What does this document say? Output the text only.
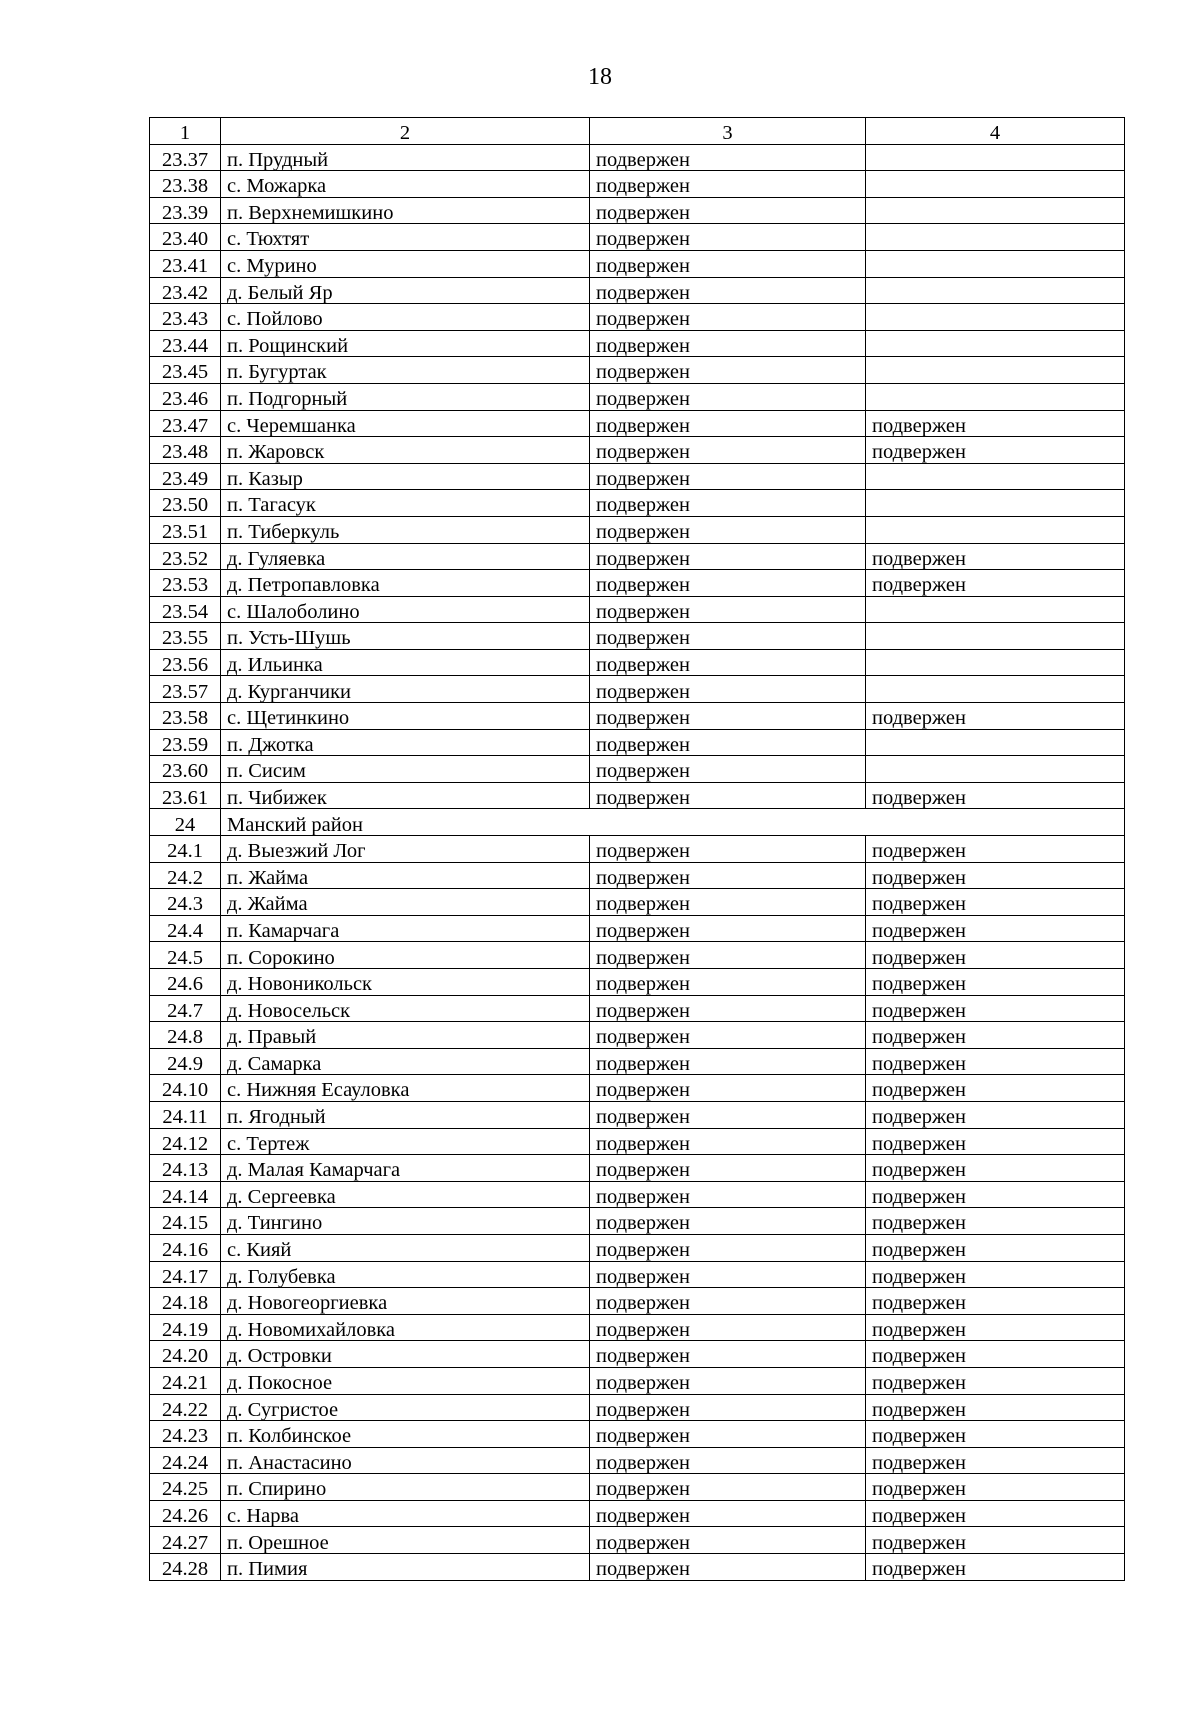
18
1	2	3	4
23.37	п. Прудный	подвержен	
23.38	с. Можарка	подвержен	
23.39	п. Верхнемишкино	подвержен	
23.40	с. Тюхтят	подвержен	
23.41	с. Мурино	подвержен	
23.42	д. Белый Яр	подвержен	
23.43	с. Пойлово	подвержен	
23.44	п. Рощинский	подвержен	
23.45	п. Бугуртак	подвержен	
23.46	п. Подгорный	подвержен	
23.47	с. Черемшанка	подвержен	подвержен
23.48	п. Жаровск	подвержен	подвержен
23.49	п. Казыр	подвержен	
23.50	п. Тагасук	подвержен	
23.51	п. Тиберкуль	подвержен	
23.52	д. Гуляевка	подвержен	подвержен
23.53	д. Петропавловка	подвержен	подвержен
23.54	с. Шалоболино	подвержен	
23.55	п. Усть-Шушь	подвержен	
23.56	д. Ильинка	подвержен	
23.57	д. Курганчики	подвержен	
23.58	с. Щетинкино	подвержен	подвержен
23.59	п. Джотка	подвержен	
23.60	п. Сисим	подвержен	
23.61	п. Чибижек	подвержен	подвержен
24	Манский район		
24.1	д. Выезжий Лог	подвержен	подвержен
24.2	п. Жайма	подвержен	подвержен
24.3	д. Жайма	подвержен	подвержен
24.4	п. Камарчага	подвержен	подвержен
24.5	п. Сорокино	подвержен	подвержен
24.6	д. Новоникольск	подвержен	подвержен
24.7	д. Новосельск	подвержен	подвержен
24.8	д. Правый	подвержен	подвержен
24.9	д. Самарка	подвержен	подвержен
24.10	с. Нижняя Есауловка	подвержен	подвержен
24.11	п. Ягодный	подвержен	подвержен
24.12	с. Тертеж	подвержен	подвержен
24.13	д. Малая Камарчага	подвержен	подвержен
24.14	д. Сергеевка	подвержен	подвержен
24.15	д. Тингино	подвержен	подвержен
24.16	с. Кияй	подвержен	подвержен
24.17	д. Голубевка	подвержен	подвержен
24.18	д. Новогеоргиевка	подвержен	подвержен
24.19	д. Новомихайловка	подвержен	подвержен
24.20	д. Островки	подвержен	подвержен
24.21	д. Покосное	подвержен	подвержен
24.22	д. Сугристое	подвержен	подвержен
24.23	п. Колбинское	подвержен	подвержен
24.24	п. Анастасино	подвержен	подвержен
24.25	п. Спирино	подвержен	подвержен
24.26	с. Нарва	подвержен	подвержен
24.27	п. Орешное	подвержен	подвержен
24.28	п. Пимия	подвержен	подвержен
